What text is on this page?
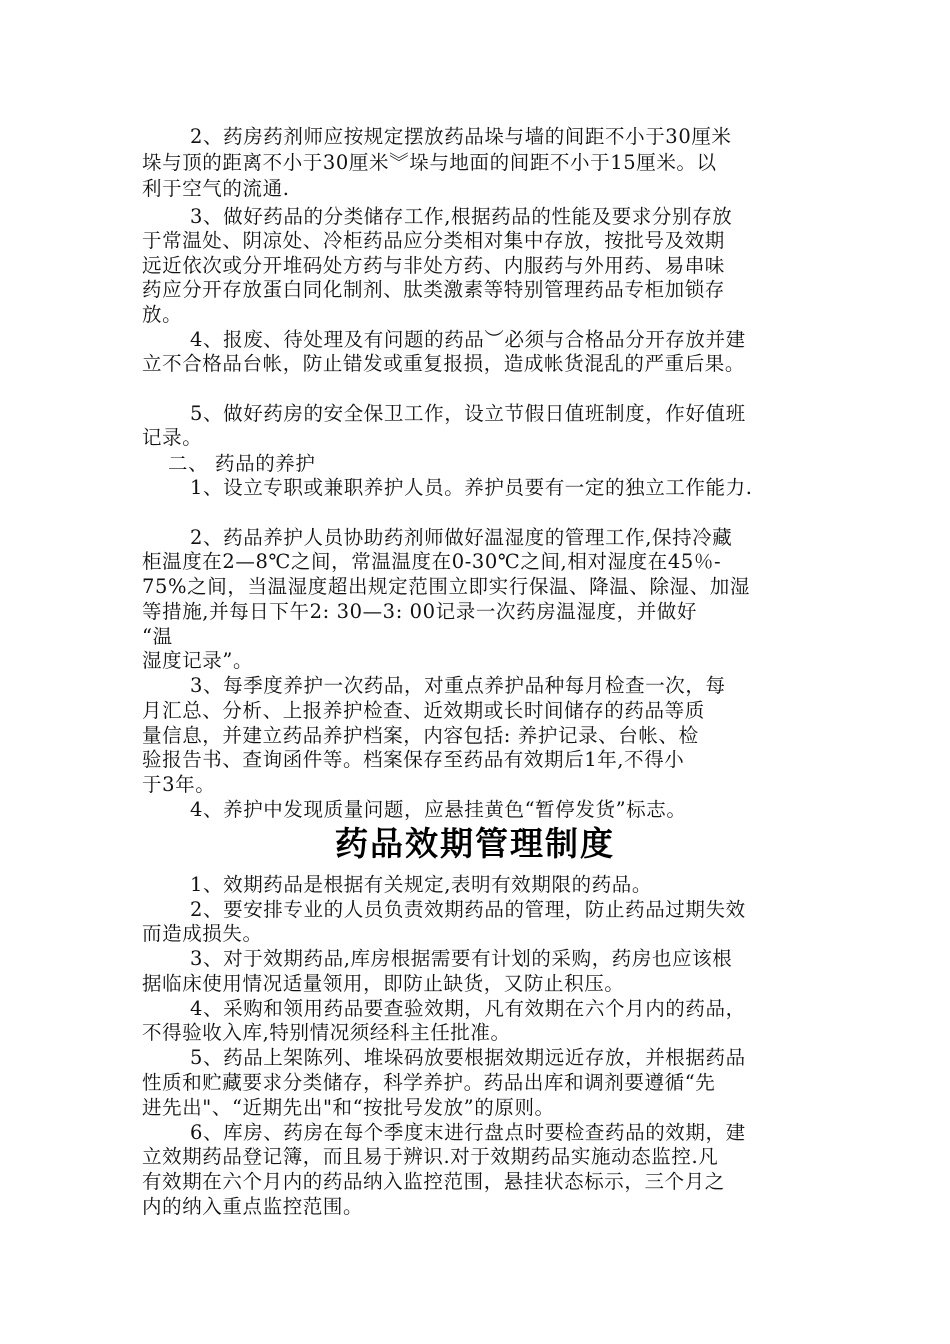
2、药房药剂师应按规定摆放药品垛与墙的间距不小于30厘米
垛与顶的距离不小于30厘米︾垛与地面的间距不小于15厘米。以
利于空气的流通.
3、做好药品的分类储存工作,根据药品的性能及要求分别存放
于常温处、阴凉处、冷柜药品应分类相对集中存放，按批号及效期
远近依次或分开堆码处方药与非处方药、内服药与外用药、易串味
药应分开存放蛋白同化制剂、肽类激素等特别管理药品专柜加锁存
放。
4、报废、待处理及有问题的药品︶必须与合格品分开存放并建
立不合格品台帐，防止错发或重复报损，造成帐货混乱的严重后果。
5、做好药房的安全保卫工作，设立节假日值班制度，作好值班
记录。
二、 药品的养护
1、设立专职或兼职养护人员。养护员要有一定的独立工作能力.
2、药品养护人员协助药剂师做好温湿度的管理工作,保持冷藏
柜温度在2—8℃之间，常温温度在0-30℃之间,相对湿度在45％-
75%之间，当温湿度超出规定范围立即实行保温、降温、除湿、加湿
等措施,并每日下午2: 30—3: 00记录一次药房温湿度，并做好
“温
湿度记录”。
3、每季度养护一次药品，对重点养护品种每月检查一次，每
月汇总、分析、上报养护检查、近效期或长时间储存的药品等质
量信息，并建立药品养护档案，内容包括: 养护记录、台帐、检
验报告书、查询函件等。档案保存至药品有效期后1年,不得小
于3年。
4、养护中发现质量问题，应悬挂黄色“暂停发货”标志。
药品效期管理制度
1、效期药品是根据有关规定,表明有效期限的药品。
2、要安排专业的人员负责效期药品的管理，防止药品过期失效
而造成损失。
3、对于效期药品,库房根据需要有计划的采购，药房也应该根
据临床使用情况适量领用，即防止缺货，又防止积压。
4、采购和领用药品要查验效期，凡有效期在六个月内的药品，
不得验收入库,特别情况须经科主任批准。
5、药品上架陈列、堆垛码放要根据效期远近存放，并根据药品
性质和贮藏要求分类储存，科学养护。药品出库和调剂要遵循“先
进先出"、“近期先出"和“按批号发放”的原则。
6、库房、药房在每个季度末进行盘点时要检查药品的效期，建
立效期药品登记簿，而且易于辨识.对于效期药品实施动态监控.凡
有效期在六个月内的药品纳入监控范围，悬挂状态标示，三个月之
内的纳入重点监控范围。
